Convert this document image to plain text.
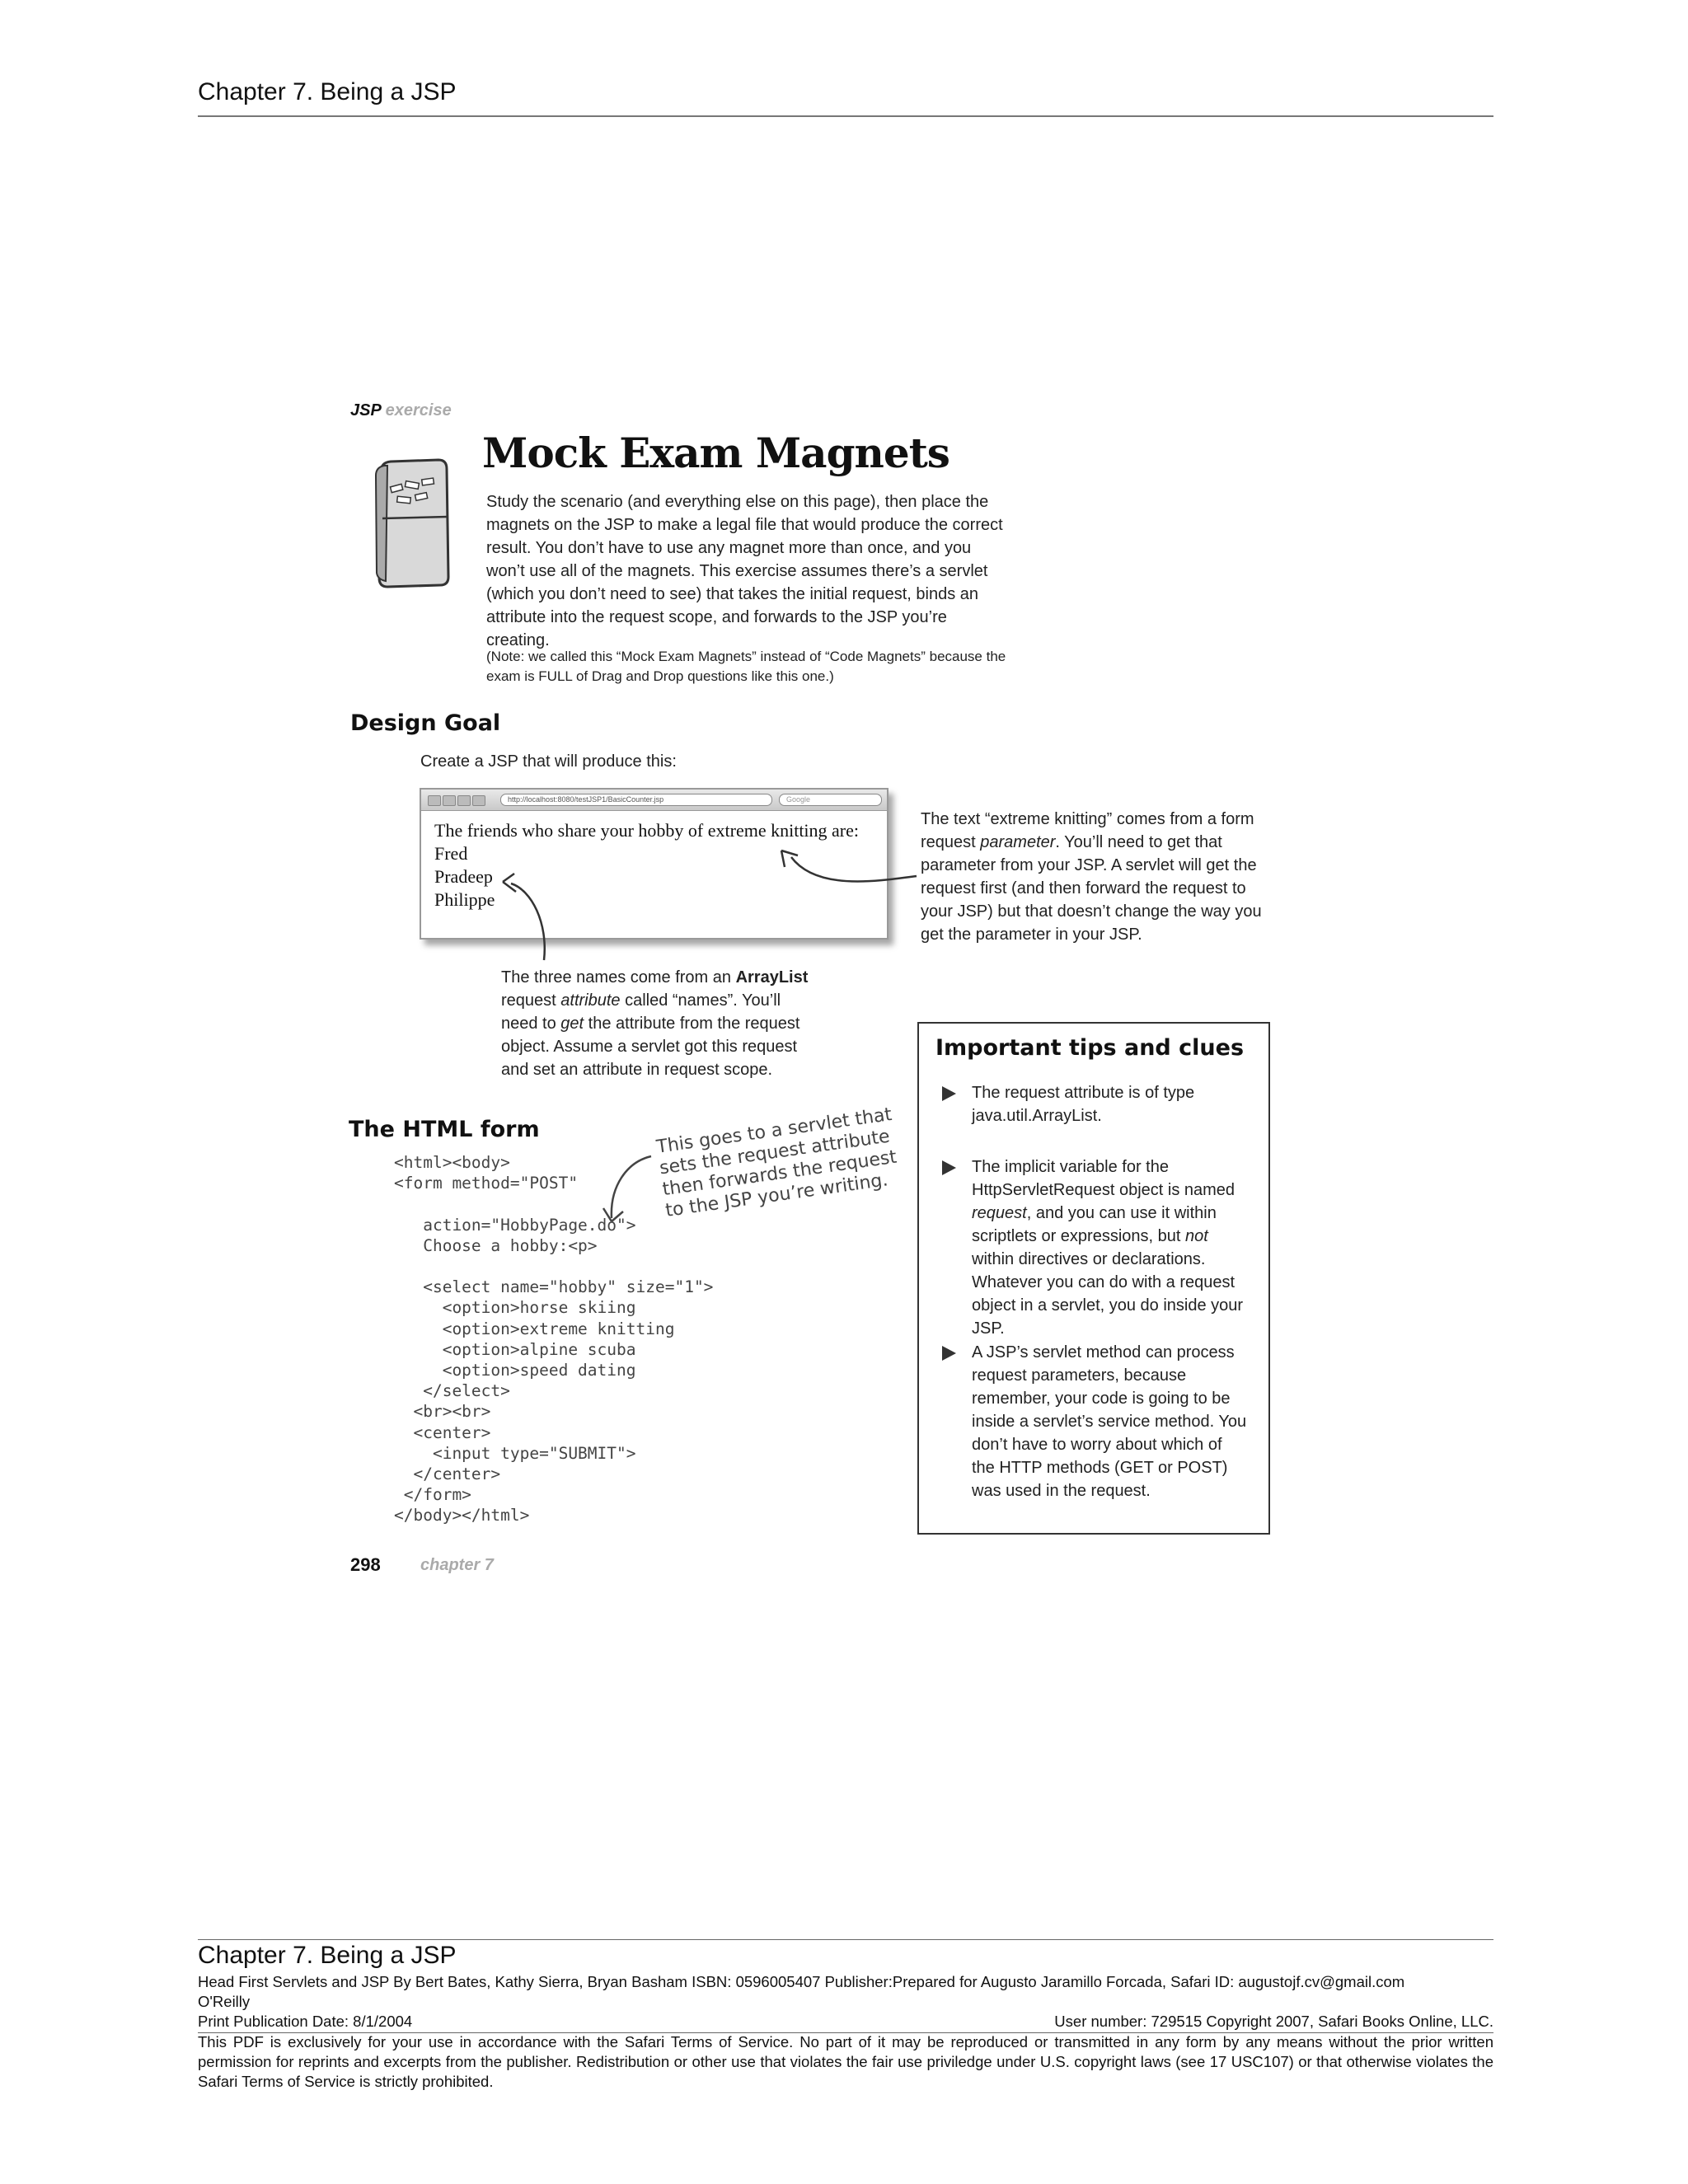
Chapter 7. Being a JSP
JSP exercise
Mock Exam Magnets
Study the scenario (and everything else on this page), then place the magnets on the JSP to make a legal file that would produce the correct result. You don’t have to use any magnet more than once, and you won’t use all of the magnets. This exercise assumes there’s a servlet (which you don’t need to see) that takes the initial request, binds an attribute into the request scope, and forwards to the JSP you’re creating.
(Note: we called this “Mock Exam Magnets” instead of “Code Magnets” because the exam is FULL of Drag and Drop questions like this one.)
Design Goal
Create a JSP that will produce this:
http://localhost:8080/testJSP1/BasicCounter.jsp	Google
The friends who share your hobby of extreme knitting are:
Fred
Pradeep
Philippe
The text “extreme knitting” comes from a form request parameter. You’ll need to get that parameter from your JSP. A servlet will get the request first (and then forward the request to your JSP) but that doesn’t change the way you get the parameter in your JSP.
The three names come from an ArrayList request attribute called “names”. You’ll need to get the attribute from the request object. Assume a servlet got this request and set an attribute in request scope.
Important tips and clues
The request attribute is of type java.util.ArrayList.
The implicit variable for the HttpServletRequest object is named request, and you can use it within scriptlets or expressions, but not within directives or declarations. Whatever you can do with a request object in a servlet, you do inside your JSP.
A JSP’s servlet method can process request parameters, because remember, your code is going to be inside a servlet’s service method. You don’t have to worry about which of the HTTP methods (GET or POST) was used in the request.
The HTML form
<html><body>
<form method="POST"

action="HobbyPage.do">
Choose a hobby:<p>

<select name="hobby" size="1">
<option>horse skiing
<option>extreme knitting
<option>alpine scuba
<option>speed dating
</select>
<br><br>
<center>
<input type="SUBMIT">
</center>
</form>
</body></html>
This goes to a servlet that sets the request attribute then forwards the request to the JSP you’re writing.
298 chapter 7
Chapter 7. Being a JSP
Head First Servlets and JSP By Bert Bates, Kathy Sierra, Bryan Basham ISBN: 0596005407 Publisher:Prepared for Augusto Jaramillo Forcada, Safari ID: augustojf.cv@gmail.com
O'Reilly
Print Publication Date: 8/1/2004	User number: 729515 Copyright 2007, Safari Books Online, LLC.
This PDF is exclusively for your use in accordance with the Safari Terms of Service. No part of it may be reproduced or transmitted in any form by any means without the prior written permission for reprints and excerpts from the publisher. Redistribution or other use that violates the fair use priviledge under U.S. copyright laws (see 17 USC107) or that otherwise violates the Safari Terms of Service is strictly prohibited.
